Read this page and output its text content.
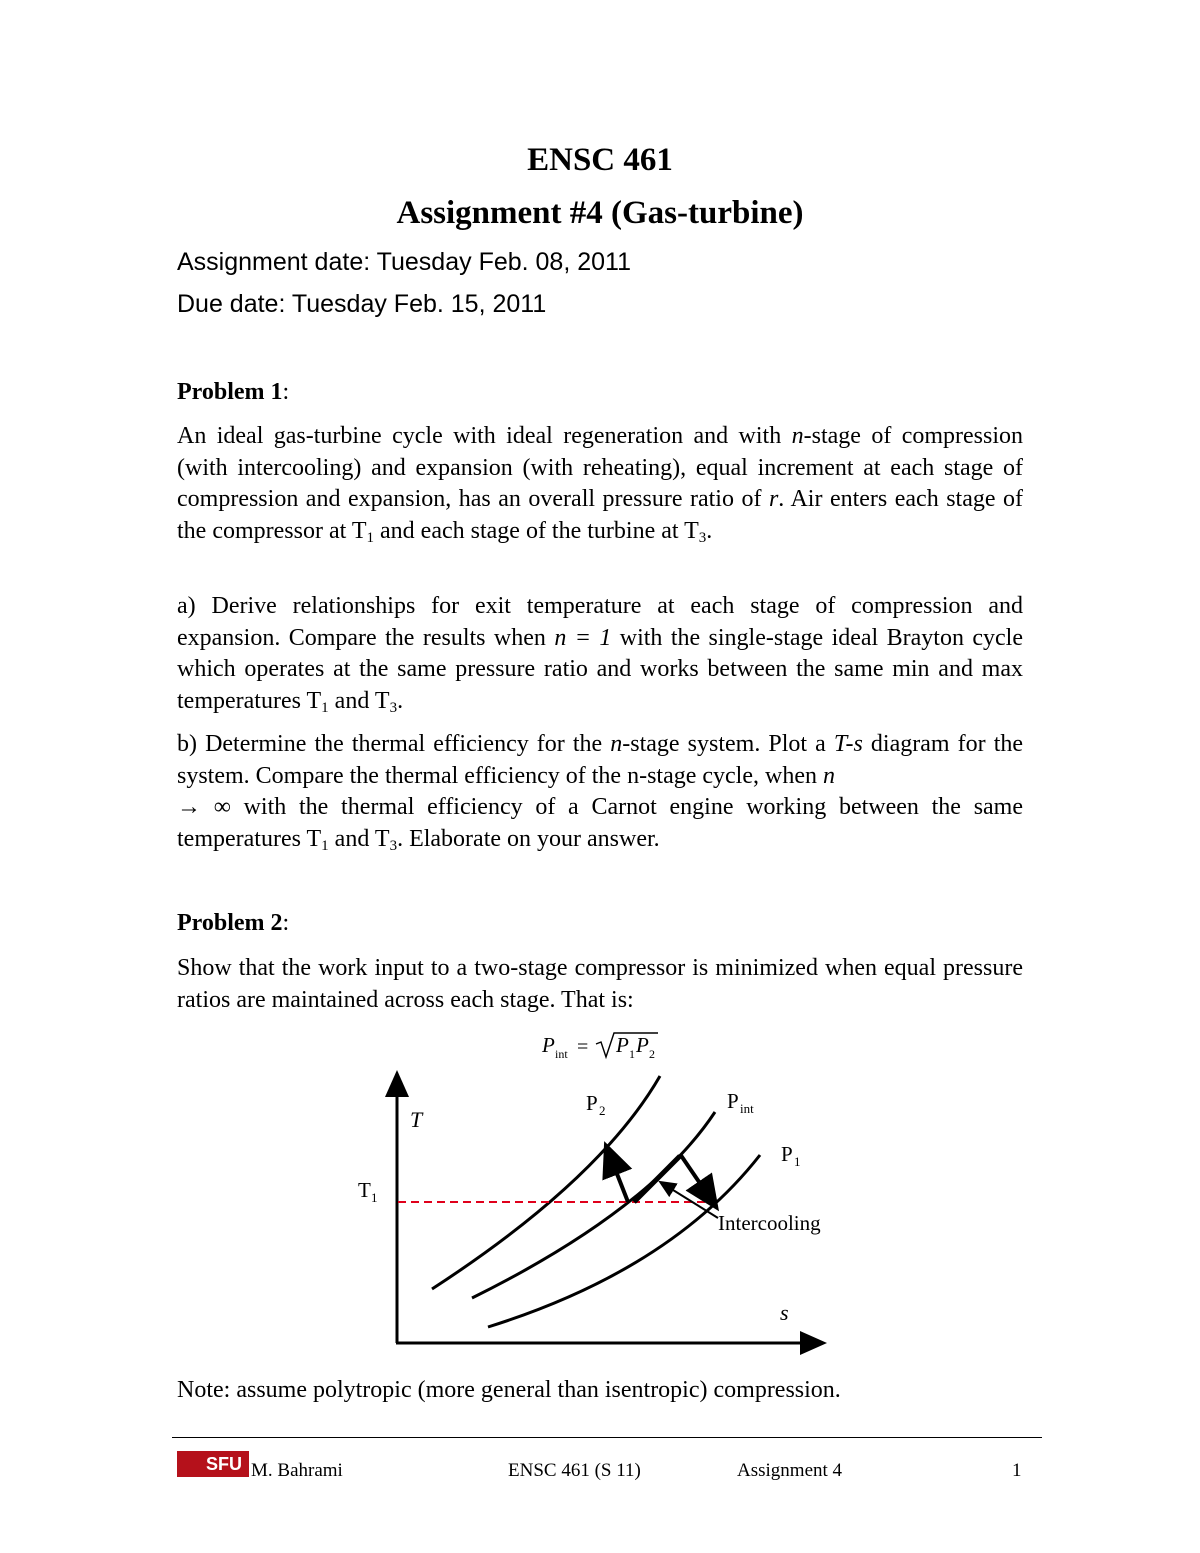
ENSC 461
Assignment #4 (Gas-turbine)

Assignment date: Tuesday Feb. 08, 2011

Due date: Tuesday Feb. 15, 2011

Problem 1:

An ideal gas-turbine cycle with ideal regeneration and with n-stage of compression (with intercooling) and expansion (with reheating), equal increment at each stage of compression and expansion, has an overall pressure ratio of r. Air enters each stage of the compressor at $T_1$ and each stage of the turbine at $T_3$.

a) Derive relationships for exit temperature at each stage of compression and expansion. Compare the results when n = 1 with the single-stage ideal Brayton cycle which operates at the same pressure ratio and works between the same min and max temperatures $T_1$ and $T_3$.

b) Determine the thermal efficiency for the n-stage system. Plot a T-s diagram for the system. Compare the thermal efficiency of the n-stage cycle, when n
→ ∞ with the thermal efficiency of a Carnot engine working between the same temperatures $T_1$ and $T_3$. Elaborate on your answer.

Problem 2:

Show that the work input to a two-stage compressor is minimized when equal pressure ratios are maintained across each stage. That is:

P int = P 1 P 2
T
s
T 1
P 2	P int
P 1
Intercooling

Note: assume polytropic (more general than isentropic) compression.

SFU M. Bahrami	ENSC 461 (S 11)	Assignment 4	1
